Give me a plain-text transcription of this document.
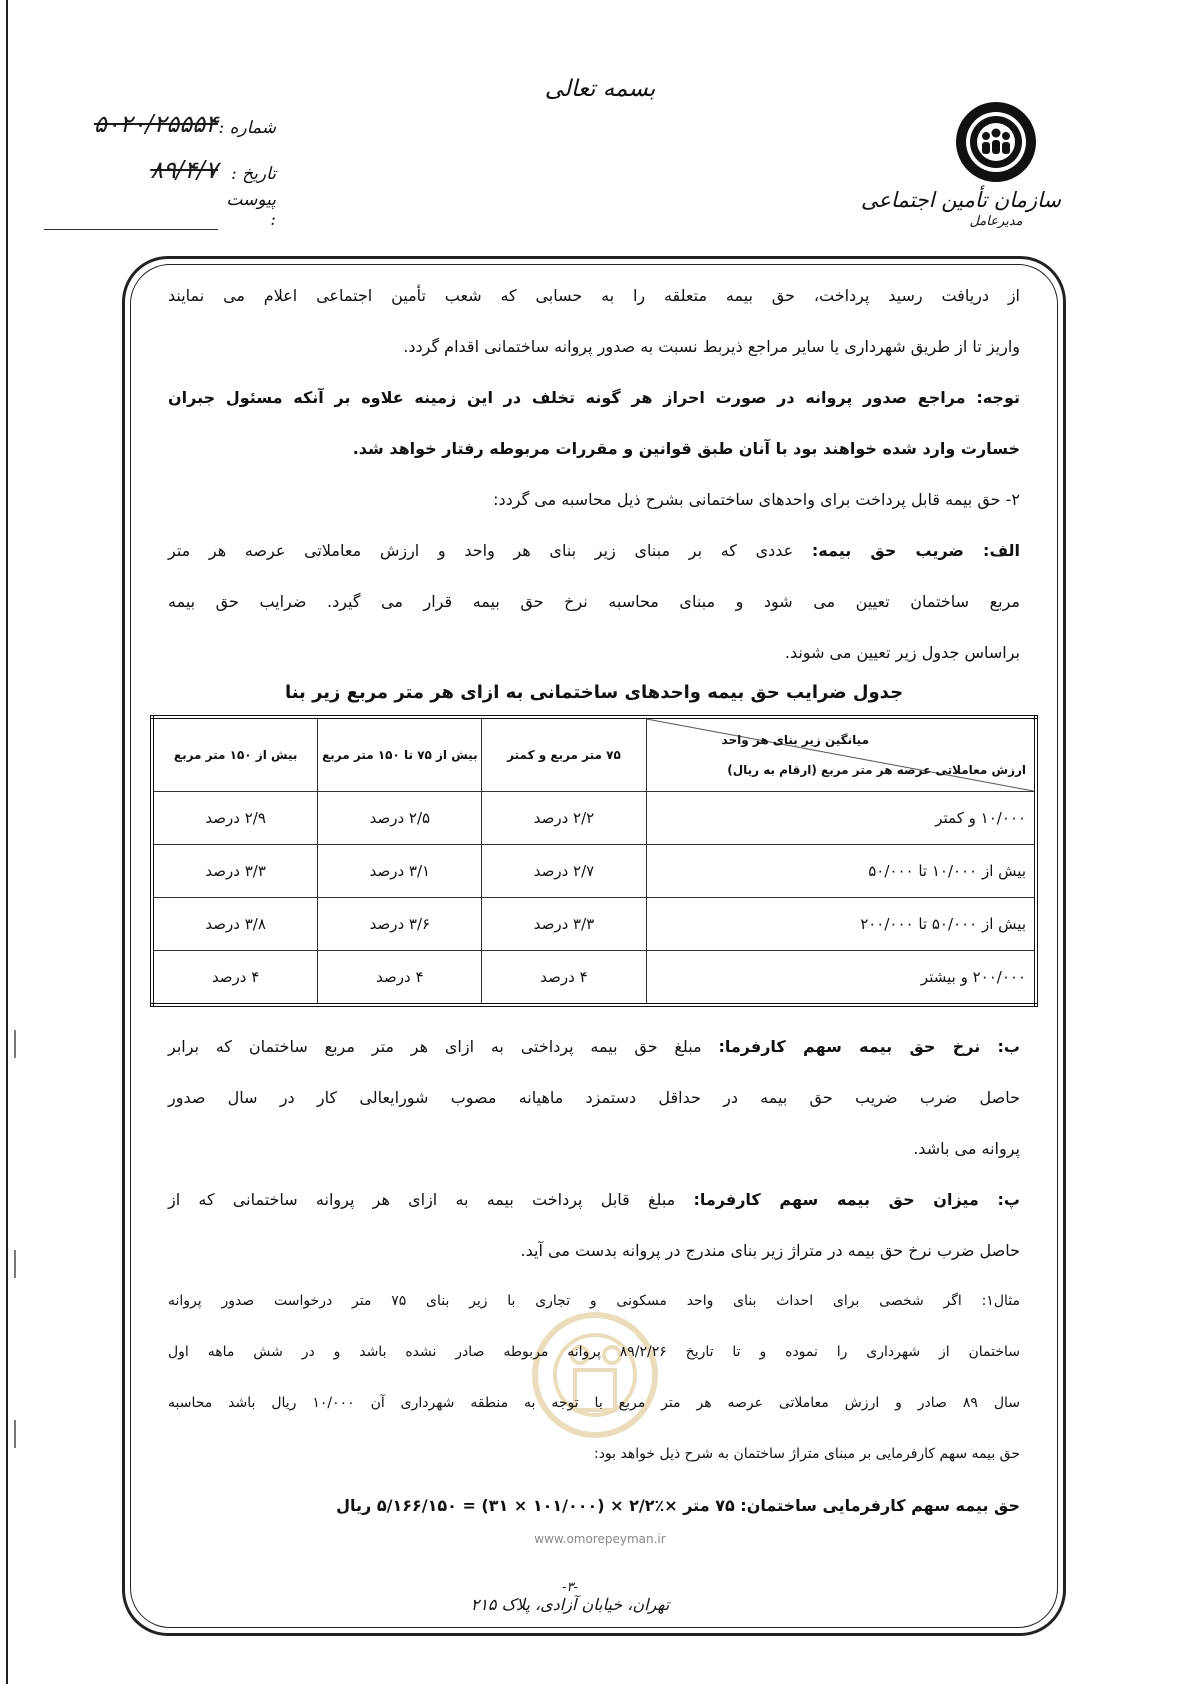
سازمان تأمین اجتماعی
مدیرعامل
بسمه تعالی
شماره :
۵۰۲۰/۲۵۵۵۴
تاریخ :
۸۹/۴/۷
پیوست :
www.omorepeyman.ir
از دریافت رسید پرداخت، حق بیمه متعلقه را به حسابی که شعب تأمین اجتماعی اعلام می نمایند
واریز تا از طریق شهرداری یا سایر مراجع ذیربط نسبت به صدور پروانه ساختمانی اقدام گردد.
توجه: مراجع صدور پروانه در صورت احراز هر گونه تخلف در این زمینه علاوه بر آنکه مسئول جبران
خسارت وارد شده خواهند بود با آنان طبق قوانین و مقررات مربوطه رفتار خواهد شد.
۲- حق بیمه قابل پرداخت برای واحدهای ساختمانی بشرح ذیل محاسبه می گردد:
الف: ضریب حق بیمه: عددی که بر مبنای زیر بنای هر واحد و ارزش معاملاتی عرصه هر متر
مربع ساختمان تعیین می شود و مبنای محاسبه نرخ حق بیمه قرار می گیرد. ضرایب حق بیمه
براساس جدول زیر تعیین می شوند.
جدول ضرایب حق بیمه واحدهای ساختمانی به ازای هر متر مربع زیر بنا
میانگین زیر بنای هر واحد
ارزش معاملاتی عرصه هر متر مربع (ارقام به ریال)	۷۵ متر مربع و کمتر	بیش از ۷۵ تا ۱۵۰ متر مربع	بیش از ۱۵۰ متر مربع
۱۰/۰۰۰ و کمتر	۲/۲ درصد	۲/۵ درصد	۲/۹ درصد
بیش از ۱۰/۰۰۰ تا ۵۰/۰۰۰	۲/۷ درصد	۳/۱ درصد	۳/۳ درصد
بیش از ۵۰/۰۰۰ تا ۲۰۰/۰۰۰	۳/۳ درصد	۳/۶ درصد	۳/۸ درصد
۲۰۰/۰۰۰ و بیشتر	۴ درصد	۴ درصد	۴ درصد
ب: نرخ حق بیمه سهم کارفرما: مبلغ حق بیمه پرداختی به ازای هر متر مربع ساختمان که برابر
حاصل ضرب ضریب حق بیمه در حداقل دستمزد ماهیانه مصوب شورایعالی کار در سال صدور
پروانه می باشد.
پ: میزان حق بیمه سهم کارفرما: مبلغ قابل پرداخت بیمه به ازای هر پروانه ساختمانی که از
حاصل ضرب نرخ حق بیمه در متراژ زیر بنای مندرج در پروانه بدست می آید.
مثال۱: اگر شخصی برای احداث بنای واحد مسکونی و تجاری با زیر بنای ۷۵ متر درخواست صدور پروانه
ساختمان از شهرداری را نموده و تا تاریخ ۸۹/۲/۲۶ پروانه مربوطه صادر نشده باشد و در شش ماهه اول
سال ۸۹ صادر و ارزش معاملاتی عرصه هر متر مربع با توجه به منطقه شهرداری آن ۱۰/۰۰۰ ریال باشد محاسبه
حق بیمه سهم کارفرمایی بر مبنای متراژ ساختمان به شرح ذیل خواهد بود:
حق بیمه سهم کارفرمایی ساختمان: ۷۵ متر ×٪۲/۲ × (۱۰۱/۰۰۰ × ۳۱) = ۵/۱۶۶/۱۵۰ ریال
-۳-
تهران، خیابان آزادی، پلاک ۲۱۵
